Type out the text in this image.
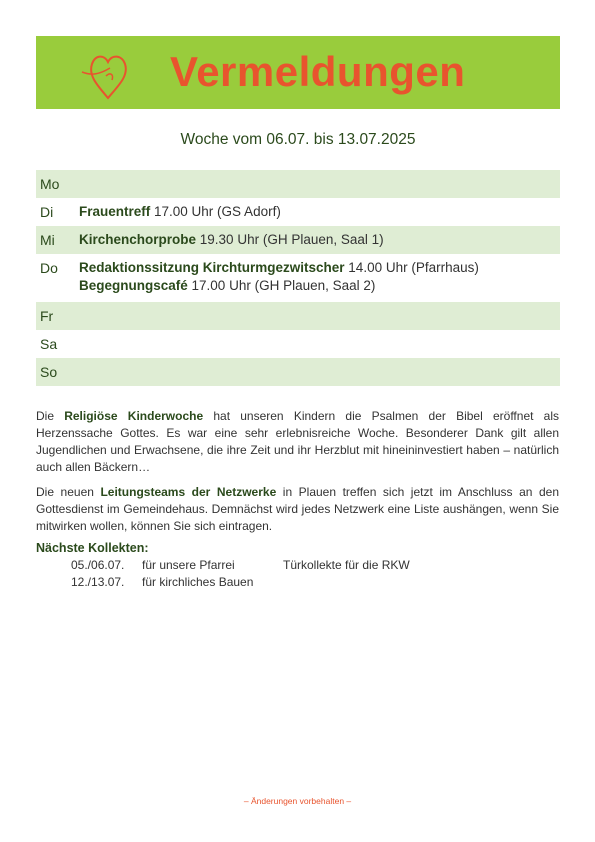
Vermeldungen
Woche vom 06.07. bis 13.07.2025
Mo
Di	Frauentreff 17.00 Uhr (GS Adorf)
Mi	Kirchenchorprobe 19.30 Uhr (GH Plauen, Saal 1)
Do	Redaktionssitzung Kirchturmgezwitscher 14.00 Uhr (Pfarrhaus)
Begegnungscafé 17.00 Uhr (GH Plauen, Saal 2)
Fr
Sa
So

Die Religiöse Kinderwoche hat unseren Kindern die Psalmen der Bibel eröffnet als Herzenssache Gottes. Es war eine sehr erlebnisreiche Woche. Besonderer Dank gilt allen Jugendlichen und Erwachsene, die ihre Zeit und ihr Herzblut mit hineininvestiert haben – natürlich auch allen Bäckern…

Die neuen Leitungsteams der Netzwerke in Plauen treffen sich jetzt im Anschluss an den Gottesdienst im Gemeindehaus. Demnächst wird jedes Netzwerk eine Liste aushängen, wenn Sie mitwirken wollen, können Sie sich eintragen.

Nächste Kollekten:
05./06.07. für unsere Pfarrei	Türkollekte für die RKW
12./13.07. für kirchliches Bauen
– Änderungen vorbehalten –
